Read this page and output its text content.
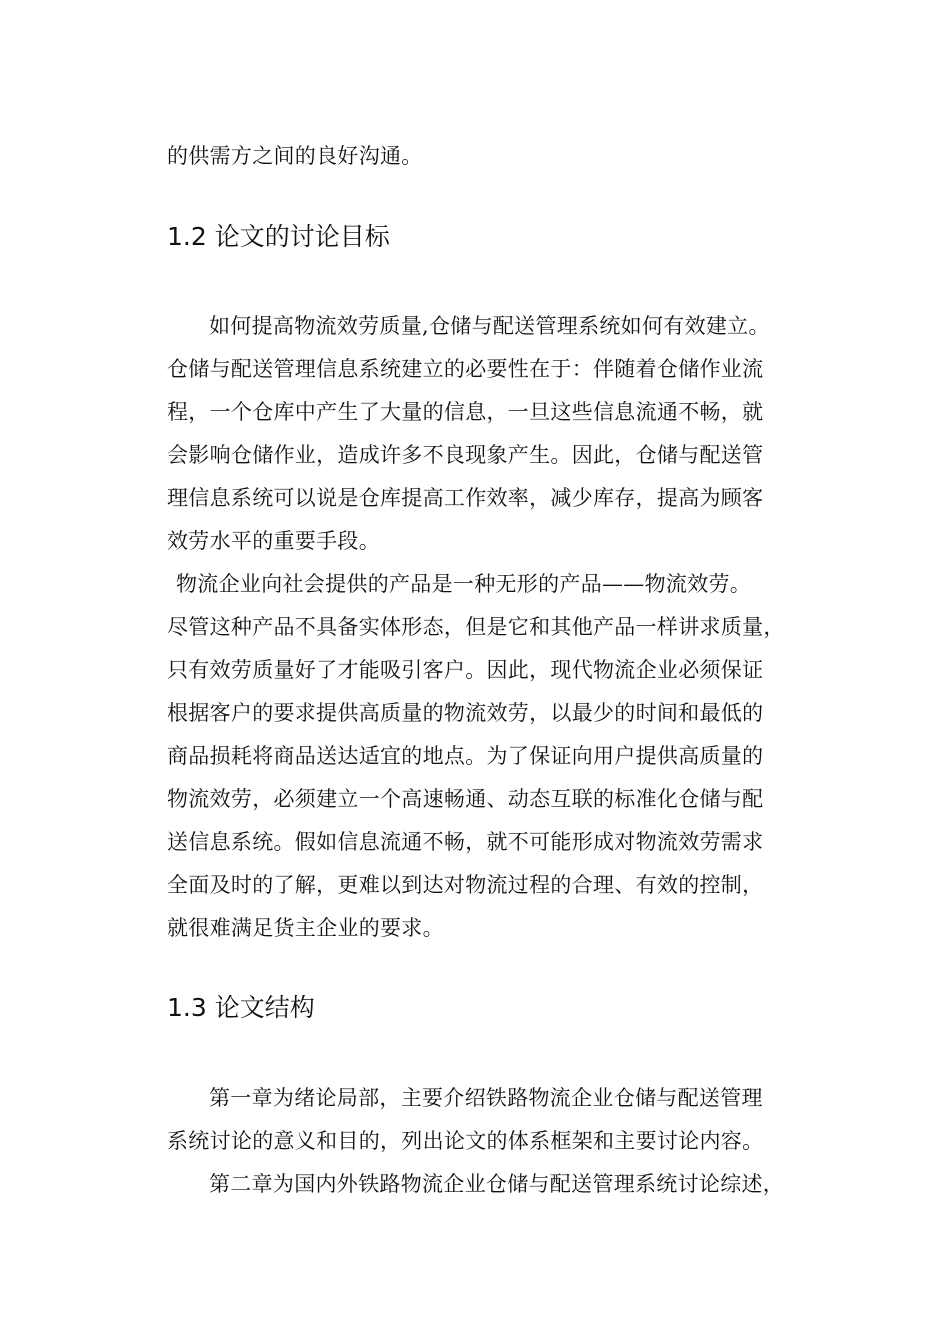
的供需方之间的良好沟通。
1.2 论文的讨论目标
如何提高物流效劳质量,仓储与配送管理系统如何有效建立。
仓储与配送管理信息系统建立的必要性在于：伴随着仓储作业流
程，一个仓库中产生了大量的信息，一旦这些信息流通不畅，就
会影响仓储作业，造成许多不良现象产生。因此，仓储与配送管
理信息系统可以说是仓库提高工作效率，减少库存，提高为顾客
效劳水平的重要手段。
物流企业向社会提供的产品是一种无形的产品——物流效劳。
尽管这种产品不具备实体形态，但是它和其他产品一样讲求质量，
只有效劳质量好了才能吸引客户。因此，现代物流企业必须保证
根据客户的要求提供高质量的物流效劳，以最少的时间和最低的
商品损耗将商品送达适宜的地点。为了保证向用户提供高质量的
物流效劳，必须建立一个高速畅通、动态互联的标准化仓储与配
送信息系统。假如信息流通不畅，就不可能形成对物流效劳需求
全面及时的了解，更难以到达对物流过程的合理、有效的控制，
就很难满足货主企业的要求。
1.3 论文结构
第一章为绪论局部，主要介绍铁路物流企业仓储与配送管理
系统讨论的意义和目的，列出论文的体系框架和主要讨论内容。
第二章为国内外铁路物流企业仓储与配送管理系统讨论综述，
